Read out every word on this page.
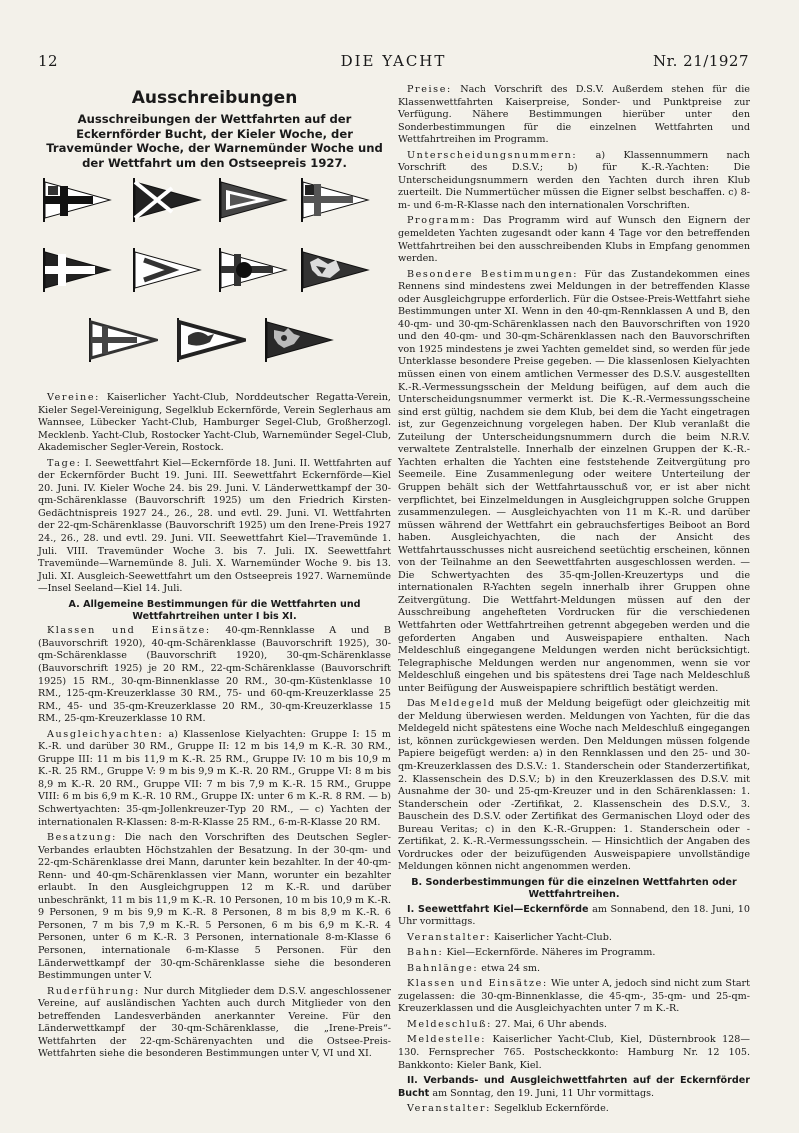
12	DIE YACHT	Nr. 21/1927
Ausschreibungen
Ausschreibungen der Wettfahrten auf der Eckernförder Bucht, der Kieler Woche, der Travemünder Woche, der Warnemünder Woche und der Wettfahrt um den Ostseepreis 1927.

Vereine: Kaiserlicher Yacht-Club, Norddeutscher Regatta-Verein, Kieler Segel-Vereinigung, Segelklub Eckernförde, Verein Seglerhaus am Wannsee, Lübecker Yacht-Club, Hamburger Segel-Club, Großherzogl. Mecklenb. Yacht-Club, Rostocker Yacht-Club, Warnemünder Segel-Club, Akademischer Segler-Verein, Rostock.

Tage: I. Seewettfahrt Kiel—Eckernförde 18. Juni. II. Wettfahrten auf der Eckernförder Bucht 19. Juni. III. Seewettfahrt Eckernförde—Kiel 20. Juni. IV. Kieler Woche 24. bis 29. Juni. V. Länderwettkampf der 30-qm-Schärenklasse (Bauvorschrift 1925) um den Friedrich Kirsten-Gedächtnispreis 1927 24., 26., 28. und evtl. 29. Juni. VI. Wettfahrten der 22-qm-Schärenklasse (Bauvorschrift 1925) um den Irene-Preis 1927 24., 26., 28. und evtl. 29. Juni. VII. Seewettfahrt Kiel—Travemünde 1. Juli. VIII. Travemünder Woche 3. bis 7. Juli. IX. Seewettfahrt Travemünde—Warnemünde 8. Juli. X. Warnemünder Woche 9. bis 13. Juli. XI. Ausgleich-Seewettfahrt um den Ostseepreis 1927. Warnemünde—Insel Seeland—Kiel 14. Juli.

A. Allgemeine Bestimmungen für die Wettfahrten und Wettfahrtreihen unter I bis XI.

Klassen und Einsätze: 40-qm-Rennklasse A und B (Bauvorschrift 1920), 40-qm-Schärenklasse (Bauvorschrift 1925), 30-qm-Schärenklasse (Bauvorschrift 1920), 30-qm-Schärenklasse (Bauvorschrift 1925) je 20 RM., 22-qm-Schärenklasse (Bauvorschrift 1925) 15 RM., 30-qm-Binnenklasse 20 RM., 30-qm-Küstenklasse 10 RM., 125-qm-Kreuzerklasse 30 RM., 75- und 60-qm-Kreuzerklasse 25 RM., 45- und 35-qm-Kreuzerklasse 20 RM., 30-qm-Kreuzerklasse 15 RM., 25-qm-Kreuzerklasse 10 RM.

Ausgleichyachten: a) Klassenlose Kielyachten: Gruppe I: 15 m K.-R. und darüber 30 RM., Gruppe II: 12 m bis 14,9 m K.-R. 30 RM., Gruppe III: 11 m bis 11,9 m K.-R. 25 RM., Gruppe IV: 10 m bis 10,9 m K.-R. 25 RM., Gruppe V: 9 m bis 9,9 m K.-R. 20 RM., Gruppe VI: 8 m bis 8,9 m K.-R. 20 RM., Gruppe VII: 7 m bis 7,9 m K.-R. 15 RM., Gruppe VIII: 6 m bis 6,9 m K.-R. 10 RM., Gruppe IX: unter 6 m K.-R. 8 RM. — b) Schwertyachten: 35-qm-Jollenkreuzer-Typ 20 RM., — c) Yachten der internationalen R-Klassen: 8-m-R-Klasse 25 RM., 6-m-R-Klasse 20 RM.

Besatzung: Die nach den Vorschriften des Deutschen Segler-Verbandes erlaubten Höchstzahlen der Besatzung. In der 30-qm- und 22-qm-Schärenklasse drei Mann, darunter kein bezahlter. In der 40-qm-Renn- und 40-qm-Schärenklassen vier Mann, worunter ein bezahlter erlaubt. In den Ausgleichgruppen 12 m K.-R. und darüber unbeschränkt, 11 m bis 11,9 m K.-R. 10 Personen, 10 m bis 10,9 m K.-R. 9 Personen, 9 m bis 9,9 m K.-R. 8 Personen, 8 m bis 8,9 m K.-R. 6 Personen, 7 m bis 7,9 m K.-R. 5 Personen, 6 m bis 6,9 m K.-R. 4 Personen, unter 6 m K.-R. 3 Personen, internationale 8-m-Klasse 6 Personen, internationale 6-m-Klasse 5 Personen. Für den Länderwettkampf der 30-qm-Schärenklasse siehe die besonderen Bestimmungen unter V.

Ruderführung: Nur durch Mitglieder dem D.S.V. angeschlossener Vereine, auf ausländischen Yachten auch durch Mitglieder von den betreffenden Landesverbänden anerkannter Vereine. Für den Länderwettkampf der 30-qm-Schärenklasse, die „Irene-Preis“-Wettfahrten der 22-qm-Schärenyachten und die Ostsee-Preis-Wettfahrten siehe die besonderen Bestimmungen unter V, VI und XI.

Preise: Nach Vorschrift des D.S.V. Außerdem stehen für die Klassenwettfahrten Kaiserpreise, Sonder- und Punktpreise zur Verfügung. Nähere Bestimmungen hierüber unter den Sonderbestimmungen für die einzelnen Wettfahrten und Wettfahrtreihen im Programm.

Unterscheidungsnummern: a) Klassennummern nach Vorschrift des D.S.V.; b) für K.-R.-Yachten: Die Unterscheidungsnummern werden den Yachten durch ihren Klub zuerteilt. Die Nummertücher müssen die Eigner selbst beschaffen. c) 8-m- und 6-m-R-Klasse nach den internationalen Vorschriften.

Programm: Das Programm wird auf Wunsch den Eignern der gemeldeten Yachten zugesandt oder kann 4 Tage vor den betreffenden Wettfahrtreihen bei den ausschreibenden Klubs in Empfang genommen werden.

Besondere Bestimmungen: Für das Zustandekommen eines Rennens sind mindestens zwei Meldungen in der betreffenden Klasse oder Ausgleichgruppe erforderlich. Für die Ostsee-Preis-Wettfahrt siehe Bestimmungen unter XI. Wenn in den 40-qm-Rennklassen A und B, den 40-qm- und 30-qm-Schärenklassen nach den Bauvorschriften von 1920 und den 40-qm- und 30-qm-Schärenklassen nach den Bauvorschriften von 1925 mindestens je zwei Yachten gemeldet sind, so werden für jede Unterklasse besondere Preise gegeben. — Die klassenlosen Kielyachten müssen einen von einem amtlichen Vermesser des D.S.V. ausgestellten K.-R.-Vermessungsschein der Meldung beifügen, auf dem auch die Unterscheidungsnummer vermerkt ist. Die K.-R.-Vermessungsscheine sind erst gültig, nachdem sie dem Klub, bei dem die Yacht eingetragen ist, zur Gegenzeichnung vorgelegen haben. Der Klub veranlaßt die Zuteilung der Unterscheidungsnummern durch die beim N.R.V. verwaltete Zentralstelle. Innerhalb der einzelnen Gruppen der K.-R.-Yachten erhalten die Yachten eine feststehende Zeitvergütung pro Seemeile. Eine Zusammenlegung oder weitere Unterteilung der Gruppen behält sich der Wettfahrtausschuß vor, er ist aber nicht verpflichtet, bei Einzelmeldungen in Ausgleichgruppen solche Gruppen zusammenzulegen. — Ausgleichyachten von 11 m K.-R. und darüber müssen während der Wettfahrt ein gebrauchsfertiges Beiboot an Bord haben. Ausgleichyachten, die nach der Ansicht des Wettfahrtausschusses nicht ausreichend seetüchtig erscheinen, können von der Teilnahme an den Seewettfahrten ausgeschlossen werden. — Die Schwertyachten des 35-qm-Jollen-Kreuzertyps und die internationalen R-Yachten segeln innerhalb ihrer Gruppen ohne Zeitvergütung. Die Wettfahrt-Meldungen müssen auf den der Ausschreibung angehefteten Vordrucken für die verschiedenen Wettfahrten oder Wettfahrtreihen getrennt abgegeben werden und die geforderten Angaben und Ausweispapiere enthalten. Nach Meldeschluß eingegangene Meldungen werden nicht berücksichtigt. Telegraphische Meldungen werden nur angenommen, wenn sie vor Meldeschluß eingehen und bis spätestens drei Tage nach Meldeschluß unter Beifügung der Ausweispapiere schriftlich bestätigt werden.

Das Meldegeld muß der Meldung beigefügt oder gleichzeitig mit der Meldung überwiesen werden. Meldungen von Yachten, für die das Meldegeld nicht spätestens eine Woche nach Meldeschluß eingegangen ist, können zurückgewiesen werden. Den Meldungen müssen folgende Papiere beigefügt werden: a) in den Rennklassen und den 25- und 30-qm-Kreuzerklassen des D.S.V.: 1. Standerschein oder Standerzertifikat, 2. Klassenschein des D.S.V.; b) in den Kreuzerklassen des D.S.V. mit Ausnahme der 30- und 25-qm-Kreuzer und in den Schärenklassen: 1. Standerschein oder -Zertifikat, 2. Klassenschein des D.S.V., 3. Bauschein des D.S.V. oder Zertifikat des Germanischen Lloyd oder des Bureau Veritas; c) in den K.-R.-Gruppen: 1. Standerschein oder -Zertifikat, 2. K.-R.-Vermessungsschein. — Hinsichtlich der Angaben des Vordruckes oder der beizufügenden Ausweispapiere unvollständige Meldungen können nicht angenommen werden.

B. Sonderbestimmungen für die einzelnen Wettfahrten oder Wettfahrtreihen.

I. Seewettfahrt Kiel—Eckernförde am Sonnabend, den 18. Juni, 10 Uhr vormittags.

Veranstalter: Kaiserlicher Yacht-Club.

Bahn: Kiel—Eckernförde. Näheres im Programm.

Bahnlänge: etwa 24 sm.

Klassen und Einsätze: Wie unter A, jedoch sind nicht zum Start zugelassen: die 30-qm-Binnenklasse, die 45-qm-, 35-qm- und 25-qm-Kreuzerklassen und die Ausgleichyachten unter 7 m K.-R.

Meldeschluß: 27. Mai, 6 Uhr abends.

Meldestelle: Kaiserlicher Yacht-Club, Kiel, Düsternbrook 128—130. Fernsprecher 765. Postscheckkonto: Hamburg Nr. 12 105. Bankkonto: Kieler Bank, Kiel.

II. Verbands- und Ausgleichwettfahrten auf der Eckernförder Bucht am Sonntag, den 19. Juni, 11 Uhr vormittags.

Veranstalter: Segelklub Eckernförde.
